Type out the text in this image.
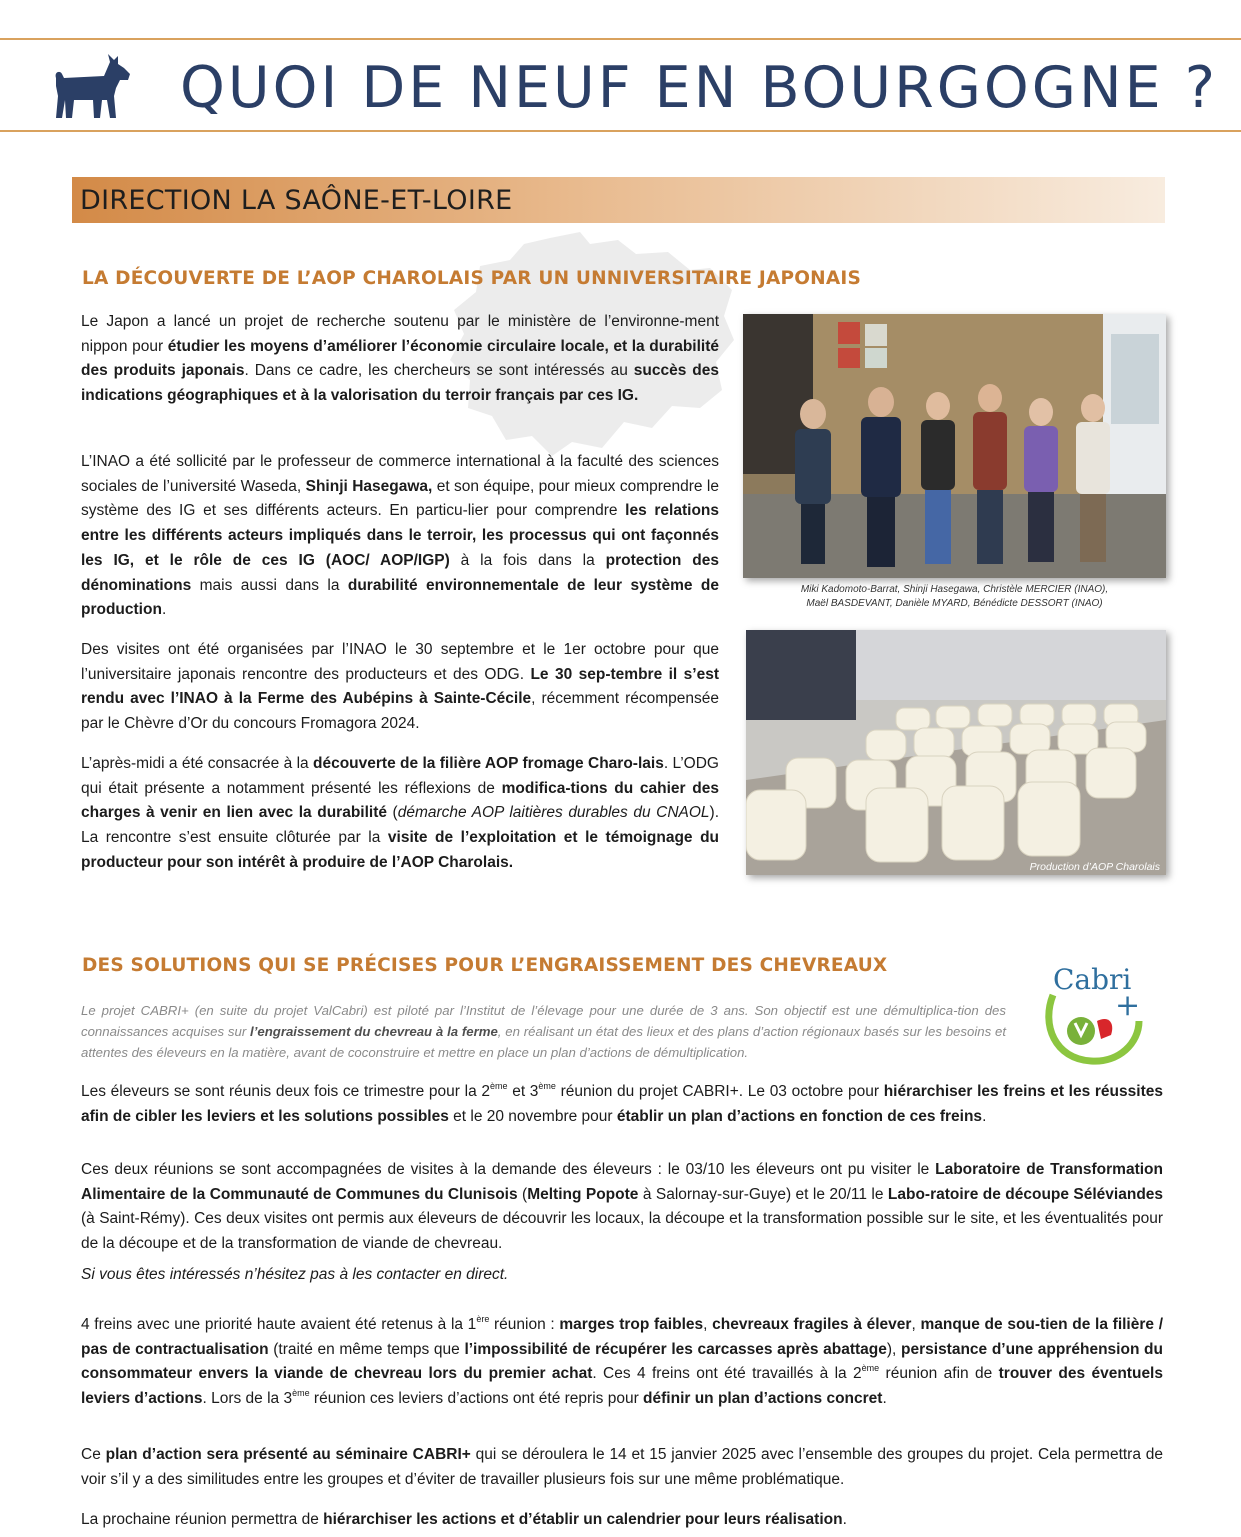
QUOI DE NEUF EN BOURGOGNE ?
DIRECTION LA SAÔNE-ET-LOIRE
LA DÉCOUVERTE DE L’AOP CHAROLAIS PAR UN UNNIVERSITAIRE JAPONAIS

Le Japon a lancé un projet de recherche soutenu par le ministère de l’environne-ment nippon pour étudier les moyens d’améliorer l’économie circulaire locale, et la durabilité des produits japonais. Dans ce cadre, les chercheurs se sont intéressés au succès des indications géographiques et à la valorisation du terroir français par ces IG.

L’INAO a été sollicité par le professeur de commerce international à la faculté des sciences sociales de l’université Waseda, Shinji Hasegawa, et son équipe, pour mieux comprendre le système des IG et ses différents acteurs. En particu-lier pour comprendre les relations entre les différents acteurs impliqués dans le terroir, les processus qui ont façonnés les IG, et le rôle de ces IG (AOC/ AOP/IGP) à la fois dans la protection des dénominations mais aussi dans la durabilité environnementale de leur système de production.

Des visites ont été organisées par l’INAO le 30 septembre et le 1er octobre pour que l’universitaire japonais rencontre des producteurs et des ODG. Le 30 sep-tembre il s’est rendu avec l’INAO à la Ferme des Aubépins à Sainte-Cécile, récemment récompensée par le Chèvre d’Or du concours Fromagora 2024.

L’après-midi a été consacrée à la découverte de la filière AOP fromage Charo-lais. L’ODG qui était présente a notamment présenté les réflexions de modifica-tions du cahier des charges à venir en lien avec la durabilité (démarche AOP laitières durables du CNAOL). La rencontre s’est ensuite clôturée par la visite de l’exploitation et le témoignage du producteur pour son intérêt à produire de l’AOP Charolais.

Miki Kadomoto-Barrat, Shinji Hasegawa, Christèle MERCIER (INAO),
Maël BASDEVANT, Danièle MYARD, Bénédicte DESSORT (INAO)
Production d’AOP Charolais
DES SOLUTIONS QUI SE PRÉCISES POUR L’ENGRAISSEMENT DES CHEVREAUX

Le projet CABRI+ (en suite du projet ValCabri) est piloté par l’Institut de l’élevage pour une durée de 3 ans. Son objectif est une démultiplica-tion des connaissances acquises sur l’engraissement du chevreau à la ferme, en réalisant un état des lieux et des plans d’action régionaux basés sur les besoins et attentes des éleveurs en la matière, avant de coconstruire et mettre en place un plan d’actions de démultiplication.

Cabri
+

Les éleveurs se sont réunis deux fois ce trimestre pour la 2ème et 3ème réunion du projet CABRI+. Le 03 octobre pour hiérarchiser les freins et les réussites afin de cibler les leviers et les solutions possibles et le 20 novembre pour établir un plan d’actions en fonction de ces freins.

Ces deux réunions se sont accompagnées de visites à la demande des éleveurs : le 03/10 les éleveurs ont pu visiter le Laboratoire de Transformation Alimentaire de la Communauté de Communes du Clunisois (Melting Popote à Salornay-sur-Guye) et le 20/11 le Labo-ratoire de découpe Séléviandes (à Saint-Rémy). Ces deux visites ont permis aux éleveurs de découvrir les locaux, la découpe et la transformation possible sur le site, et les éventualités pour de la découpe et de la transformation de viande de chevreau.

Si vous êtes intéressés n’hésitez pas à les contacter en direct.

4 freins avec une priorité haute avaient été retenus à la 1ère réunion : marges trop faibles, chevreaux fragiles à élever, manque de sou-tien de la filière / pas de contractualisation (traité en même temps que l’impossibilité de récupérer les carcasses après abattage), persistance d’une appréhension du consommateur envers la viande de chevreau lors du premier achat. Ces 4 freins ont été travaillés à la 2ème réunion afin de trouver des éventuels leviers d’actions. Lors de la 3ème réunion ces leviers d’actions ont été repris pour définir un plan d’actions concret.

Ce plan d’action sera présenté au séminaire CABRI+ qui se déroulera le 14 et 15 janvier 2025 avec l’ensemble des groupes du projet. Cela permettra de voir s’il y a des similitudes entre les groupes et d’éviter de travailler plusieurs fois sur une même problématique.

La prochaine réunion permettra de hiérarchiser les actions et d’établir un calendrier pour leurs réalisation.
